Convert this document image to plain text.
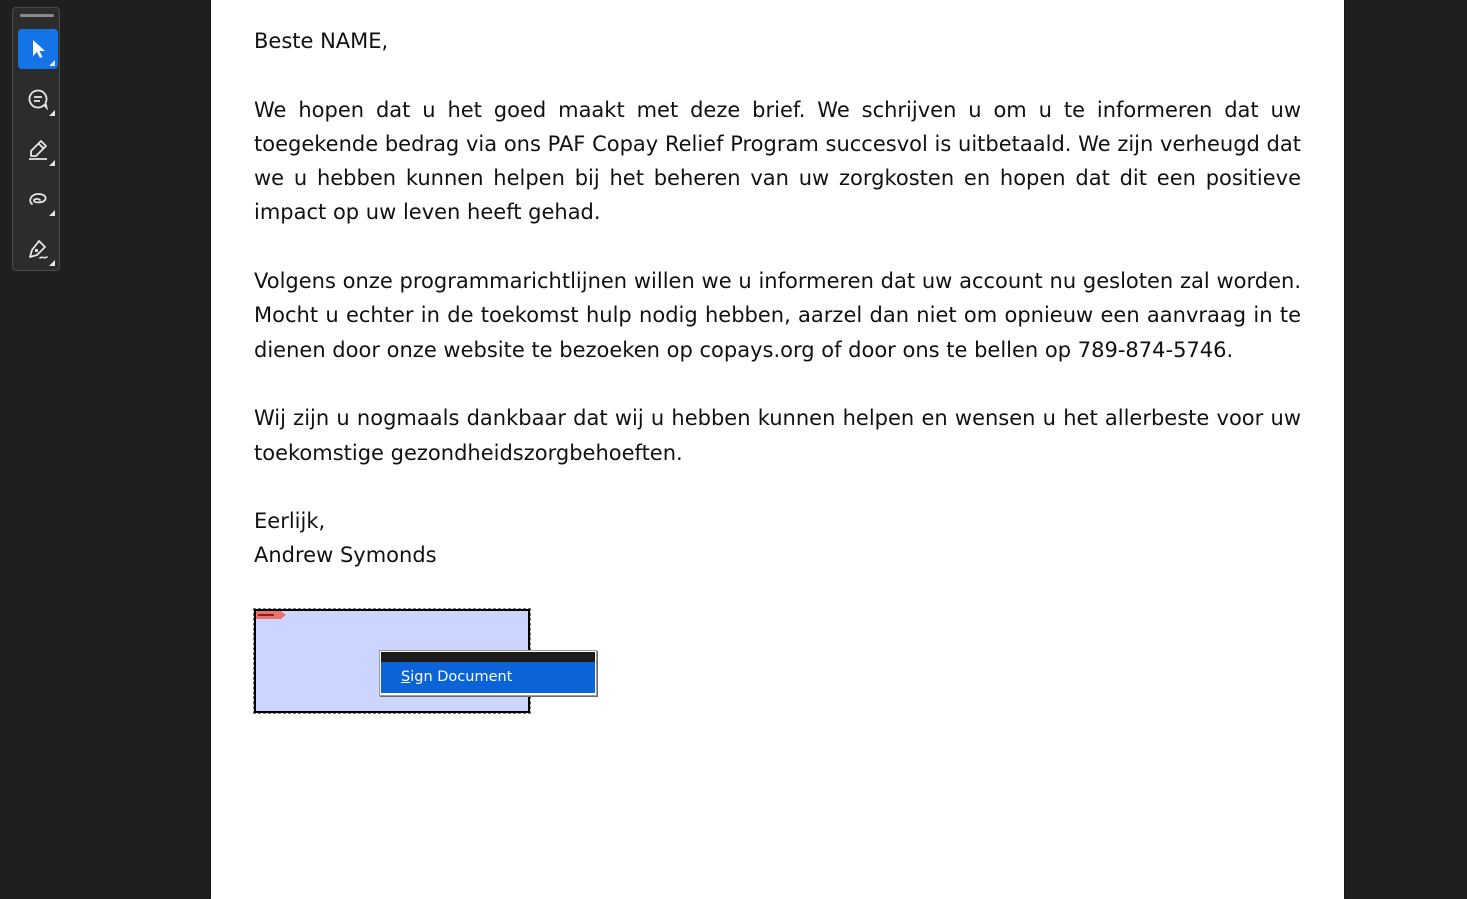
Beste NAME,

We hopen dat u het goed maakt met deze brief. We schrijven u om u te informeren dat uw toegekende bedrag via ons PAF Copay Relief Program succesvol is uitbetaald. We zijn verheugd dat we u hebben kunnen helpen bij het beheren van uw zorgkosten en hopen dat dit een positieve impact op uw leven heeft gehad.

Volgens onze programmarichtlijnen willen we u informeren dat uw account nu gesloten zal worden. Mocht u echter in de toekomst hulp nodig hebben, aarzel dan niet om opnieuw een aanvraag in te dienen door onze website te bezoeken op copays.org of door ons te bellen op 789-874-5746.

Wij zijn u nogmaals dankbaar dat wij u hebben kunnen helpen en wensen u het allerbeste voor uw toekomstige gezondheidszorgbehoeften.

Eerlijk,
Andrew Symonds
Sign Document
